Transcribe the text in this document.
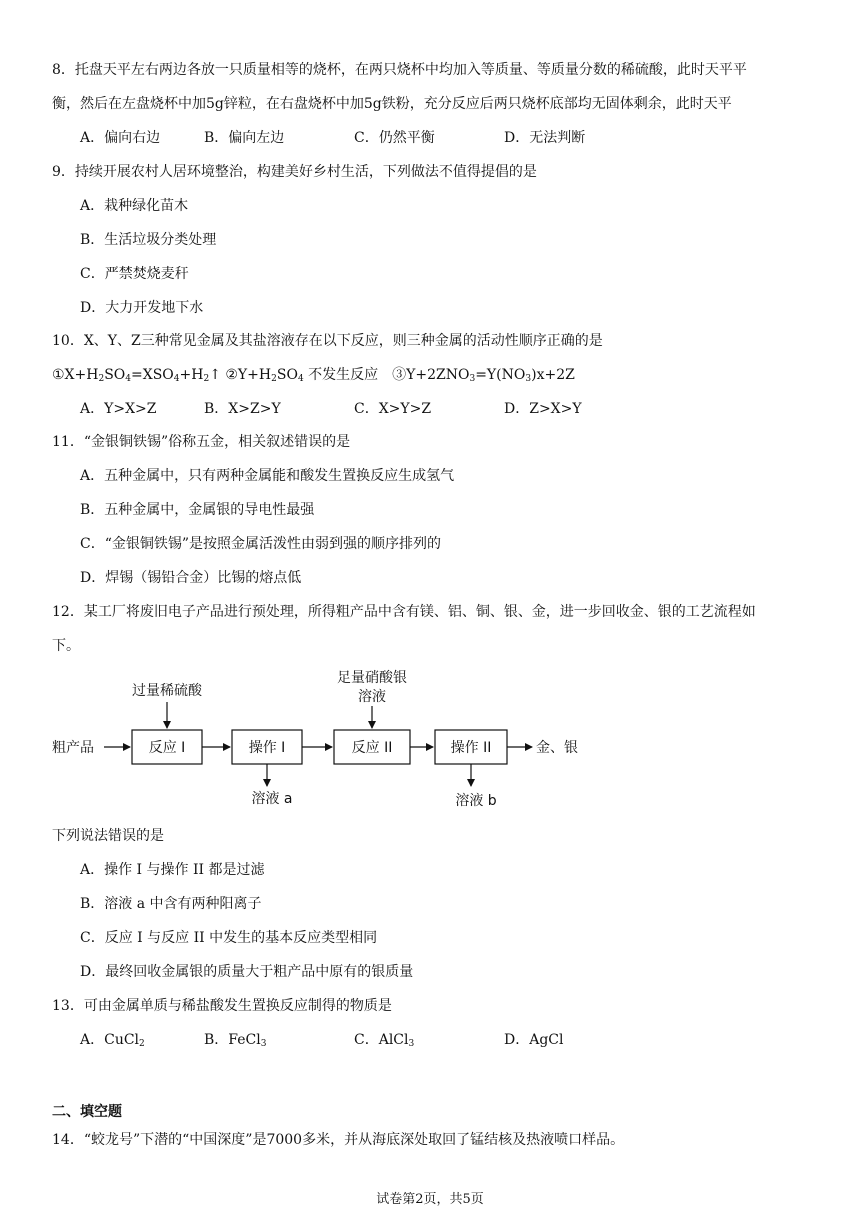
8．托盘天平左右两边各放一只质量相等的烧杯，在两只烧杯中均加入等质量、等质量分数的稀硫酸，此时天平平
衡，然后在左盘烧杯中加5g锌粒，在右盘烧杯中加5g铁粉，充分反应后两只烧杯底部均无固体剩余，此时天平
A．偏向右边	B．偏向左边	C．仍然平衡	D．无法判断
9．持续开展农村人居环境整治，构建美好乡村生活，下列做法不值得提倡的是
A．栽种绿化苗木
B．生活垃圾分类处理
C．严禁焚烧麦秆
D．大力开发地下水
10．X、Y、Z三种常见金属及其盐溶液存在以下反应，则三种金属的活动性顺序正确的是
$①X+H_2SO_4=XSO_4+H_2↑$ $②Y+H_2SO_4$ 不发生反应　$③Y+2ZNO_3=Y(NO_3)x+2Z$
A．Y>X>Z	B．X>Z>Y	C．X>Y>Z	D．Z>X>Y
11．“金银铜铁锡”俗称五金，相关叙述错误的是
A．五种金属中，只有两种金属能和酸发生置换反应生成氢气
B．五种金属中，金属银的导电性最强
C．“金银铜铁锡”是按照金属活泼性由弱到强的顺序排列的
D．焊锡（锡铅合金）比锡的熔点低
12．某工厂将废旧电子产品进行预处理，所得粗产品中含有镁、铝、铜、银、金，进一步回收金、银的工艺流程如
下。
粗产品	反应 I
过量稀硫酸
操作 I
溶液 a
反应 II
足量硝酸银
溶液
操作 II
溶液 b
金、银
下列说法错误的是
A．操作 I 与操作 II 都是过滤
B．溶液 a 中含有两种阳离子
C．反应 I 与反应 II 中发生的基本反应类型相同
D．最终回收金属银的质量大于粗产品中原有的银质量
13．可由金属单质与稀盐酸发生置换反应制得的物质是
A．CuCl$_2$	B．FeCl$_3$	C．AlCl$_3$	D．AgCl
二、填空题
14．“蛟龙号”下潜的“中国深度”是7000多米，并从海底深处取回了锰结核及热液喷口样品。
试卷第2页，共5页
